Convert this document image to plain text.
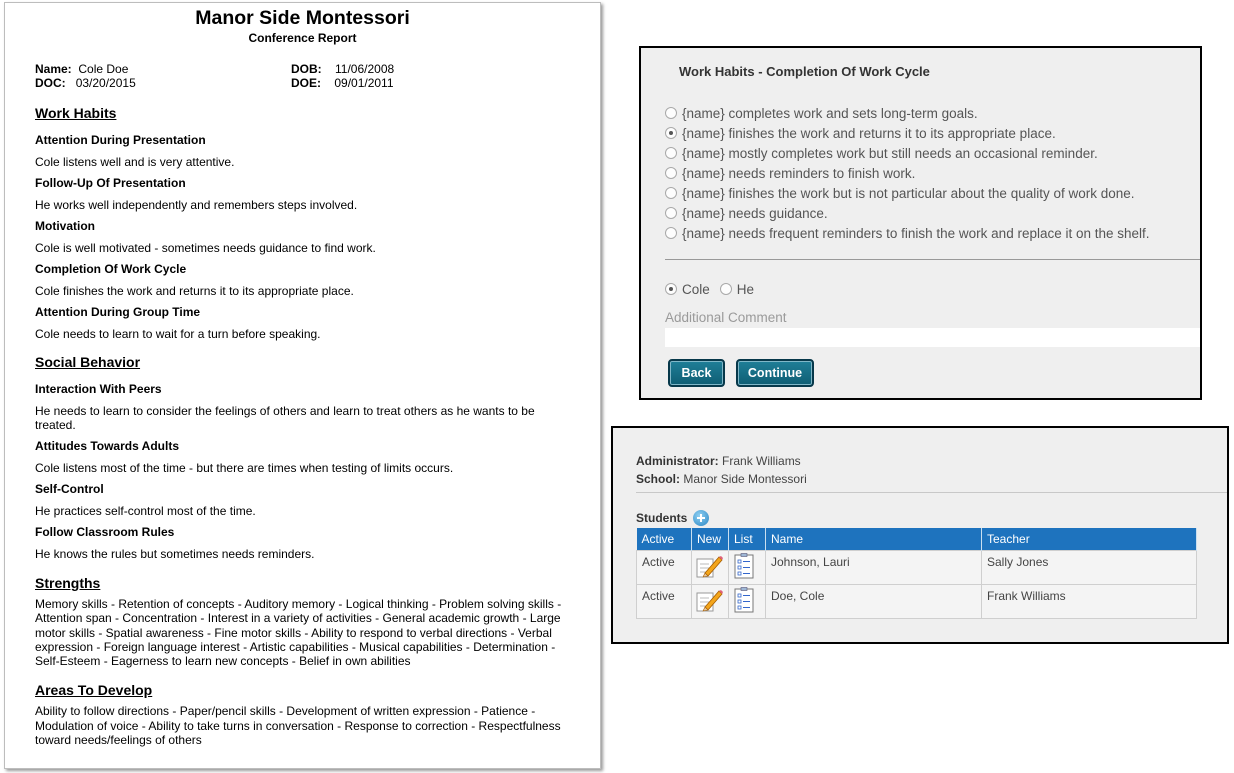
Manor Side Montessori
Conference Report
Name: Cole Doe
DOC: 03/20/2015
DOB: 11/06/2008
DOE: 09/01/2011
Work Habits
Attention During Presentation
Cole listens well and is very attentive.
Follow-Up Of Presentation
He works well independently and remembers steps involved.
Motivation
Cole is well motivated - sometimes needs guidance to find work.
Completion Of Work Cycle
Cole finishes the work and returns it to its appropriate place.
Attention During Group Time
Cole needs to learn to wait for a turn before speaking.
Social Behavior
Interaction With Peers
He needs to learn to consider the feelings of others and learn to treat others as he wants to be treated.
Attitudes Towards Adults
Cole listens most of the time - but there are times when testing of limits occurs.
Self-Control
He practices self-control most of the time.
Follow Classroom Rules
He knows the rules but sometimes needs reminders.
Strengths
Memory skills - Retention of concepts - Auditory memory - Logical thinking - Problem solving skills - Attention span - Concentration - Interest in a variety of activities - General academic growth - Large motor skills - Spatial awareness - Fine motor skills - Ability to respond to verbal directions - Verbal expression - Foreign language interest - Artistic capabilities - Musical capabilities - Determination - Self-Esteem - Eagerness to learn new concepts - Belief in own abilities
Areas To Develop
Ability to follow directions - Paper/pencil skills - Development of written expression - Patience - Modulation of voice - Ability to take turns in conversation - Response to correction - Respectfulness toward needs/feelings of others
Work Habits - Completion Of Work Cycle
{name} completes work and sets long-term goals.
{name} finishes the work and returns it to its appropriate place.
{name} mostly completes work but still needs an occasional reminder.
{name} needs reminders to finish work.
{name} finishes the work but is not particular about the quality of work done.
{name} needs guidance.
{name} needs frequent reminders to finish the work and replace it on the shelf.
Cole He
Additional Comment
Back	Continue
Administrator: Frank Williams
School: Manor Side Montessori
Students
Active	New	List	Name	Teacher
Active			Johnson, Lauri	Sally Jones
Active			Doe, Cole	Frank Williams
